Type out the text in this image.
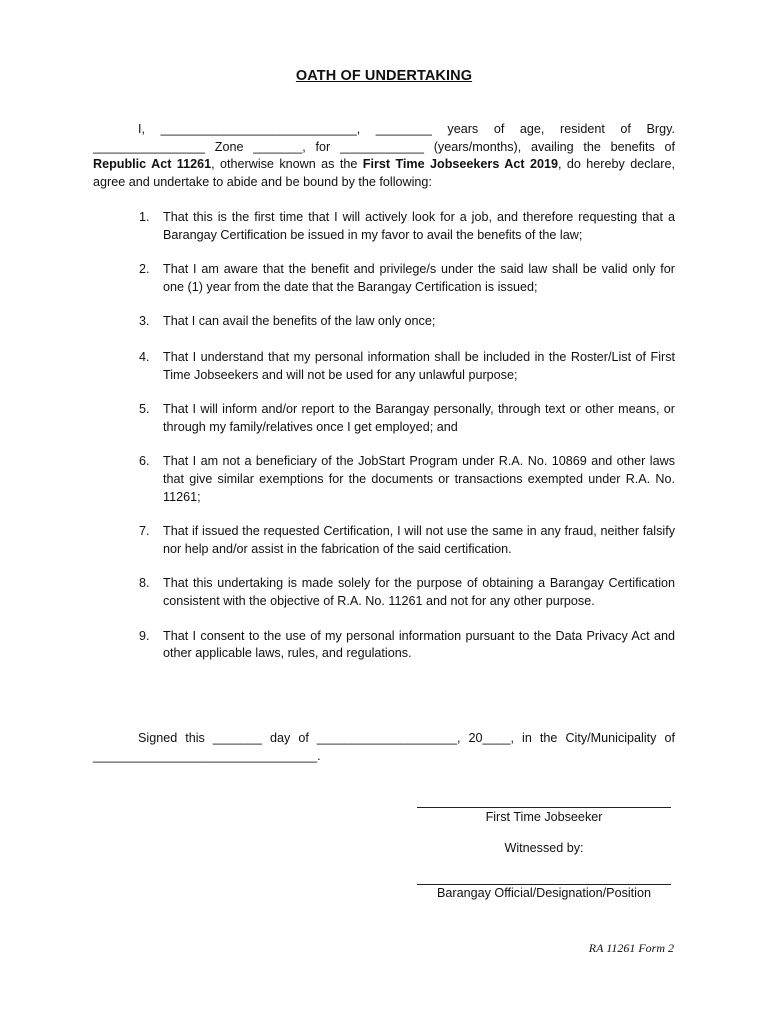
OATH OF UNDERTAKING

I, ____________________________, ________ years of age, resident of Brgy. ________________ Zone _______, for ____________ (years/months), availing the benefits of Republic Act 11261, otherwise known as the First Time Jobseekers Act 2019, do hereby declare, agree and undertake to abide and be bound by the following:

1.	That this is the first time that I will actively look for a job, and therefore requesting that a Barangay Certification be issued in my favor to avail the benefits of the law;
2.	That I am aware that the benefit and privilege/s under the said law shall be valid only for one (1) year from the date that the Barangay Certification is issued;
3.	That I can avail the benefits of the law only once;
4.	That I understand that my personal information shall be included in the Roster/List of First Time Jobseekers and will not be used for any unlawful purpose;
5.	That I will inform and/or report to the Barangay personally, through text or other means, or through my family/relatives once I get employed; and
6.	That I am not a beneficiary of the JobStart Program under R.A. No. 10869 and other laws that give similar exemptions for the documents or transactions exempted under R.A. No. 11261;
7.	That if issued the requested Certification, I will not use the same in any fraud, neither falsify nor help and/or assist in the fabrication of the said certification.
8.	That this undertaking is made solely for the purpose of obtaining a Barangay Certification consistent with the objective of R.A. No. 11261 and not for any other purpose.
9.	That I consent to the use of my personal information pursuant to the Data Privacy Act and other applicable laws, rules, and regulations.

Signed this _______ day of ____________________, 20____, in the City/Municipality of ________________________________.

First Time Jobseeker
Witnessed by:
Barangay Official/Designation/Position
RA 11261 Form 2
